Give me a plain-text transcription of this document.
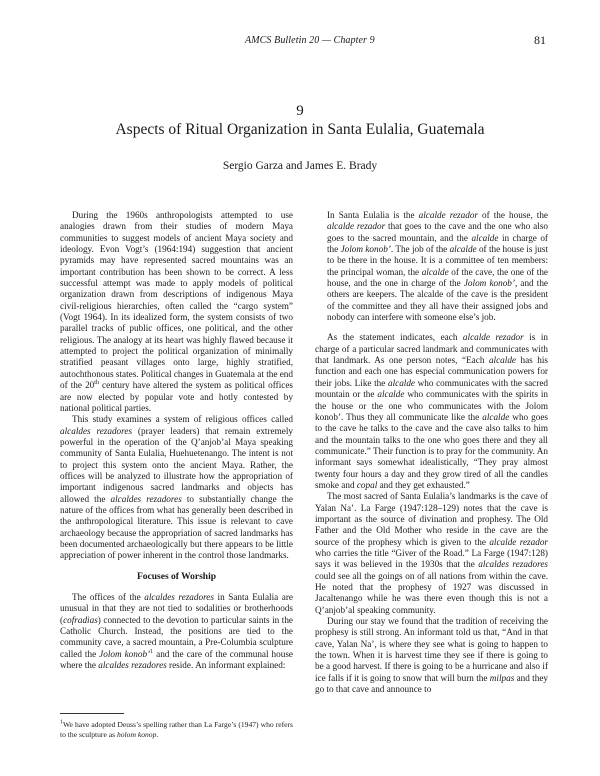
AMCS Bulletin 20 — Chapter 9	81
9
Aspects of Ritual Organization in Santa Eulalia, Guatemala
Sergio Garza and James E. Brady

During the 1960s anthropologists attempted to use analogies drawn from their studies of modern Maya communities to suggest models of ancient Maya society and ideology. Evon Vogt’s (1964:194) suggestion that ancient pyramids may have represented sacred mountains was an important contribution has been shown to be correct. A less successful attempt was made to apply models of political organization drawn from descriptions of indigenous Maya civil-religious hierarchies, often called the “cargo system” (Vogt 1964). In its idealized form, the system consists of two parallel tracks of public offices, one political, and the other religious. The analogy at its heart was highly flawed because it attempted to project the political organization of minimally stratified peasant villages onto large, highly stratified, autochthonous states. Political changes in Guatemala at the end of the 20th century have altered the system as political offices are now elected by popular vote and hotly contested by national political parties.

This study examines a system of religious offices called alcaldes rezadores (prayer leaders) that remain extremely powerful in the operation of the Q’anjob’al Maya speaking community of Santa Eulalia, Huehuetenango. The intent is not to project this system onto the ancient Maya. Rather, the offices will be analyzed to illustrate how the appropriation of important indigenous sacred landmarks and objects has allowed the alcaldes rezadores to substantially change the nature of the offices from what has generally been described in the anthropological literature. This issue is relevant to cave archaeology because the appropriation of sacred landmarks has been documented archaeologically but there appears to be little appreciation of power inherent in the control those landmarks.

Focuses of Worship

The offices of the alcaldes rezadores in Santa Eulalia are unusual in that they are not tied to sodalities or brotherhoods (cofradias) connected to the devotion to particular saints in the Catholic Church. Instead, the positions are tied to the community cave, a sacred mountain, a Pre-Columbia sculpture called the Jolom konob’$^1$ and the care of the communal house where the alcaldes rezadores reside. An informant explained:

In Santa Eulalia is the alcalde rezador of the house, the alcalde rezador that goes to the cave and the one who also goes to the sacred mountain, and the alcalde in charge of the Jolom konob’. The job of the alcalde of the house is just to be there in the house. It is a committee of ten members: the principal woman, the alcalde of the cave, the one of the house, and the one in charge of the Jolom konob’, and the others are keepers. The alcalde of the cave is the president of the committee and they all have their assigned jobs and nobody can interfere with someone else’s job.

As the statement indicates, each alcalde rezador is in charge of a particular sacred landmark and communicates with that landmark. As one person notes, “Each alcalde has his function and each one has especial communication powers for their jobs. Like the alcalde who communicates with the sacred mountain or the alcalde who communicates with the spirits in the house or the one who communicates with the Jolom konob’. Thus they all communicate like the alcalde who goes to the cave he talks to the cave and the cave also talks to him and the mountain talks to the one who goes there and they all communicate.” Their function is to pray for the community. An informant says somewhat idealistically, “They pray almost twenty four hours a day and they grow tired of all the candles smoke and copal and they get exhausted.”

The most sacred of Santa Eulalia’s landmarks is the cave of Yalan Na’. La Farge (1947:128–129) notes that the cave is important as the source of divination and prophesy. The Old Father and the Old Mother who reside in the cave are the source of the prophesy which is given to the alcalde rezador who carries the title “Giver of the Road.” La Farge (1947:128) says it was believed in the 1930s that the alcaldes rezadores could see all the goings on of all nations from within the cave. He noted that the prophesy of 1927 was discussed in Jacaltenango while he was there even though this is not a Q’anjob’al speaking community.

During our stay we found that the tradition of receiving the prophesy is still strong. An informant told us that, “And in that cave, Yalan Na’, is where they see what is going to happen to the town. When it is harvest time they see if there is going to be a good harvest. If there is going to be a hurricane and also if ice falls if it is going to snow that will burn the milpas and they go to that cave and announce to

$^1$We have adopted Deuss’s spelling rather than La Farge’s (1947) who refers to the sculpture as holom konop.
